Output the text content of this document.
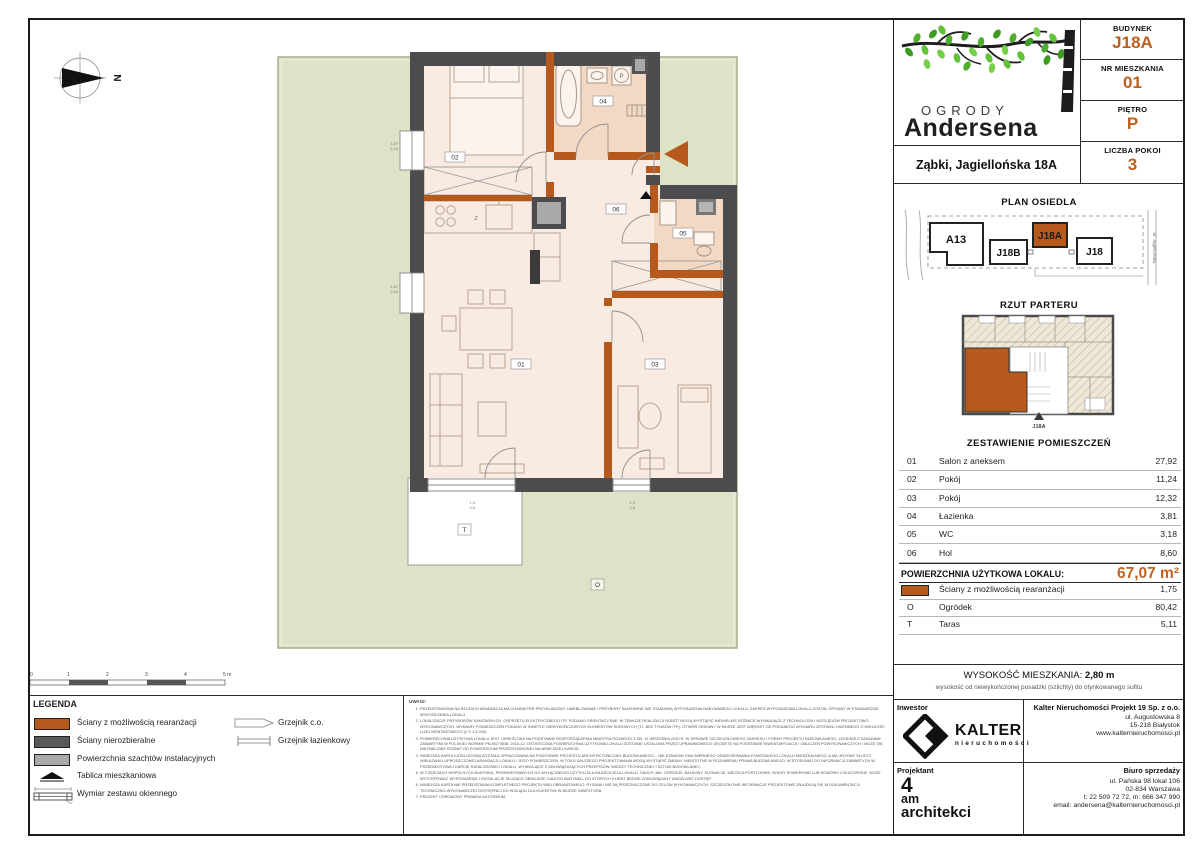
P
01
02
03
04
05
06
T
O
Z
1,87
2,34
1,87
2,34
1,5
2,5
1,5
2,5
N
0	1	2	3	4	5 m
LEGENDA
Ściany z możliwością rearanżacji
Ściany nierozbieralne
Powierzchnia szachtów instalacyjnych
Tablica mieszkaniowa
Wymiar zestawu okiennego
Grzejnik c.o.
Grzejnik łazienkowy
UWAGI:
1. PRZEDSTAWIONA NA RZUTACH ARANŻACJA MA CHARAKTER PRZYKŁADOWY. UMEBLOWANIE I PRZYBORY SANITARNE NIE STANOWIĄ WYPOSAŻENIA NABYWANEGO LOKALU. ZAKRES WYPOSAŻENIA LOKALU ZOSTAŁ OPISANY W STANDARDZIE WYKOŃCZENIA LOKALU.
2. LOKALIZACJE PRZYBORÓW SANITARNYCH, OSPRZĘTU ELEKTRYCZNEGO ITP. PODANO ORIENTACYJNIE. W TRAKCIE REALIZACJI ROBÓT MOGĄ WYSTĄPIĆ NIEWIELKIE RÓŻNICE WYNIKAJĄCE Z TECHNOLOGII I WZGLĘDÓW PROJEKTOWO-WYKONAWCZYCH. WYMIARY POMIESZCZEŃ PODANO W ŚWIETLE NIEWYKOŃCZONYCH ELEMENTÓW SUROWYCH (TJ. BEZ TYNKÓW ITP.). OTWÓR OKIENNY W MURZE JEST WIĘKSZY OD PODANEGO WYMIARU ZESTAWU OKIENNEGO O WIELKOŚĆ LUZU MONTAŻOWEGO (2 X 1,5 CM).
3. POWIERZCHNIA UŻYTKOWA LOKALU JEST OKREŚLONA NA PODSTAWIE ROZPORZĄDZENIA MINISTRA ROZWOJU Z DN. 11 WRZEŚNIA 2020 R. W SPRAWIE SZCZEGÓŁOWEGO ZAKRESU I FORMY PROJEKTU BUDOWLANEGO, ZGODNIE Z ZASADAMI ZAWARTYMI W POLSKIEJ NORMIE PN-ISO 9836: 2015-12. OSTATECZNA POWIERZCHNIA UŻYTKOWA LOKALU ZOSTANIE USTALONA PRZEZ UPRAWNIONEGO GEODETĘ NA PODSTAWIE INWENTARYZACJI I OBLICZEŃ POWYKONAWCZYCH I MOŻE SIĘ NIEZNACZNIE RÓŻNIĆ OD POWIERZCHNI PRZEDSTAWIONEJ NA NINIEJSZEJ KARCIE.
4. NINIEJSZA KARTA KATALOGOWA ZOSTAŁA OPRACOWANA NA PODSTAWIE PROJEKTU ARCHITEKTONICZNO-BUDOWLANEGO – NIE STANOWI ONA WIERNEGO ODWZOROWANIA POWSTAŁEGO LOKALU MIESZKALNEGO, A MA JEDYNIE SŁUŻYĆ WSKAZANIU UPROSZCZONEJ ARANŻACJI LOKALU I JEGO POMIESZCZEŃ. W TOKU DALSZEGO PROJEKTOWANIA MOGĄ WYSTĄPIĆ ZMIANY, NIEISTOTNE W ROZUMIENIU PRAWA BUDOWLANEGO, W STOSUNKU DO INFORMACJI ZAWARTYCH W PRZEDMIOTOWEJ KARCIE KATALOGOWEJ LOKALU, WYNIKAJĄCE Z OBOWIĄZUJĄCYCH PRZEPISÓW, WIEDZY TECHNICZNEJ I SZTUKI BUDOWLANEJ.
5. W CZĘŚCIACH WSPÓLNYCH BUDYNKU, PRZEWIDYWANYCH DO WYŁĄCZNEGO UŻYTKU DLA WŁAŚCICIELA LOKALU, TAKICH JAK: OGRÓDKI, BALKONY, ELEWACJE, MIEJSCA POSTOJOWE, BOKSY ROWEROWE LUB KOMÓRKI LOKATORSKIE, MOŻE WYSTĘPOWAĆ WYPOSAŻENIE I INSTALACJE SŁUŻĄCE OBSŁUDZE CAŁEGO BUDYNKU, DO KTÓRYCH KLIENT BĘDZIE ZOBOWIĄZANY UMOŻLIWIĆ DOSTĘP.
6. NINIEJSZA KARTA NIE PRZEDSTAWIA KOMPLETNEGO PROJEKTU WIELOBRANŻOWEGO. RYSUNKI NIE SĄ PRZEZNACZONE DO CELÓW WYKONAWCZYCH. SZCZEGÓŁOWE INFORMACJE PROJEKTOWE ZNAJDUJĄ SIĘ W DOKUMENTACJI TECHNICZNO-WYKONAWCZEJ DOSTĘPNEJ DO WGLĄDU DLA KLIENTÓW W BIURZE INWESTORA.
7. PROJEKT CHRONIONY PRAWEM AUTORSKIM.
OGRODY
Andersena
Ząbki, Jagiellońska 18A
BUDYNEK
J18A
NR MIESZKANIA
01
PIĘTRO
P
LICZBA POKOI
3
PLAN OSIEDLA
ul. Jagiellońska
A13
J18B
J18A
J18
RZUT PARTERU
J18A
ZESTAWIENIE POMIESZCZEŃ
01	Salon z aneksem	27,92
02	Pokój	11,24
03	Pokój	12,32
04	Łazienka	3,81
05	WC	3,18
06	Hol	8,60
POWIERZCHNIA UŻYTKOWA LOKALU:	67,07 m²
Ściany z możliwością rearanżacji	1,75
O	Ogródek	80,42
T	Taras	5,11
WYSOKOŚĆ MIESZKANIA: 2,80 m
wysokość od niewykończonej posadzki (szlichty) do otynkowanego sufitu
Inwestor
KALTER
nieruchomości
Kalter Nieruchomości Projekt 19 Sp. z o.o.
ul. Augustowska 8
15-218 Białystok
www.kalternieruchomosci.pl
Projektant
4
am
architekci
Biuro sprzedaży
ul. Pańska 98 lokal 106
02-834 Warszawa
t: 22 509 72 72, m: 666 347 990
email: andersena@kalternieruchomosci.pl
